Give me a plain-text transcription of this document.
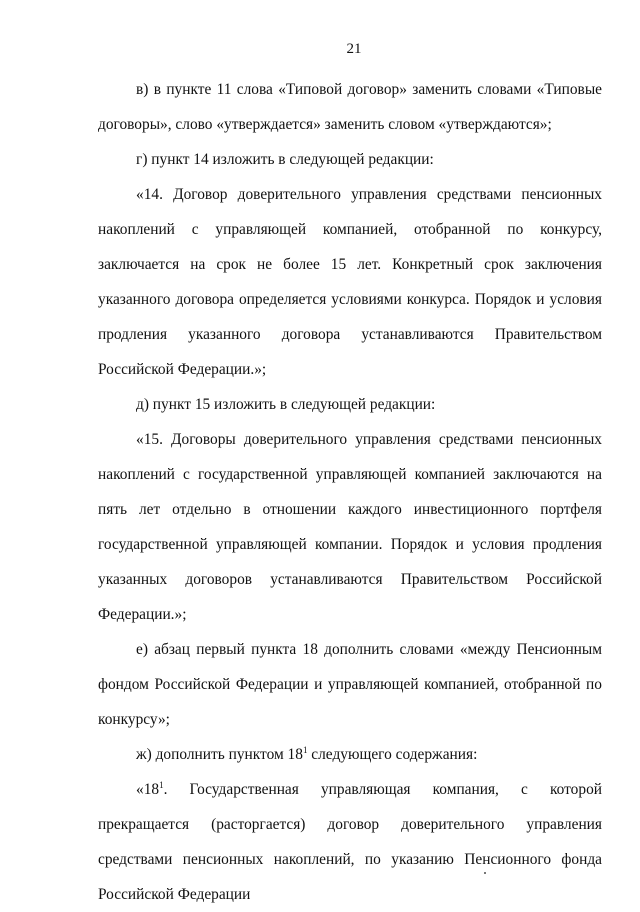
21

в) в пункте 11 слова «Типовой договор» заменить словами «Типовые договоры», слово «утверждается» заменить словом «утверждаются»;

г) пункт 14 изложить в следующей редакции:

«14. Договор доверительного управления средствами пенсионных накоплений с управляющей компанией, отобранной по конкурсу, заключается на срок не более 15 лет. Конкретный срок заключения указанного договора определяется условиями конкурса. Порядок и условия продления указанного договора устанавливаются Правительством Российской Федерации.»;

д) пункт 15 изложить в следующей редакции:

«15. Договоры доверительного управления средствами пенсионных накоплений с государственной управляющей компанией заключаются на пять лет отдельно в отношении каждого инвестиционного портфеля государственной управляющей компании. Порядок и условия продления указанных договоров устанавливаются Правительством Российской Федерации.»;

е) абзац первый пункта 18 дополнить словами «между Пенсионным фондом Российской Федерации и управляющей компанией, отобранной по конкурсу»;

ж) дополнить пунктом $18^1$ следующего содержания:

«$18^1$. Государственная управляющая компания, с которой прекращается (расторгается) договор доверительного управления средствами пенсионных накоплений, по указанию Пенсионного фонда Российской Федерации
